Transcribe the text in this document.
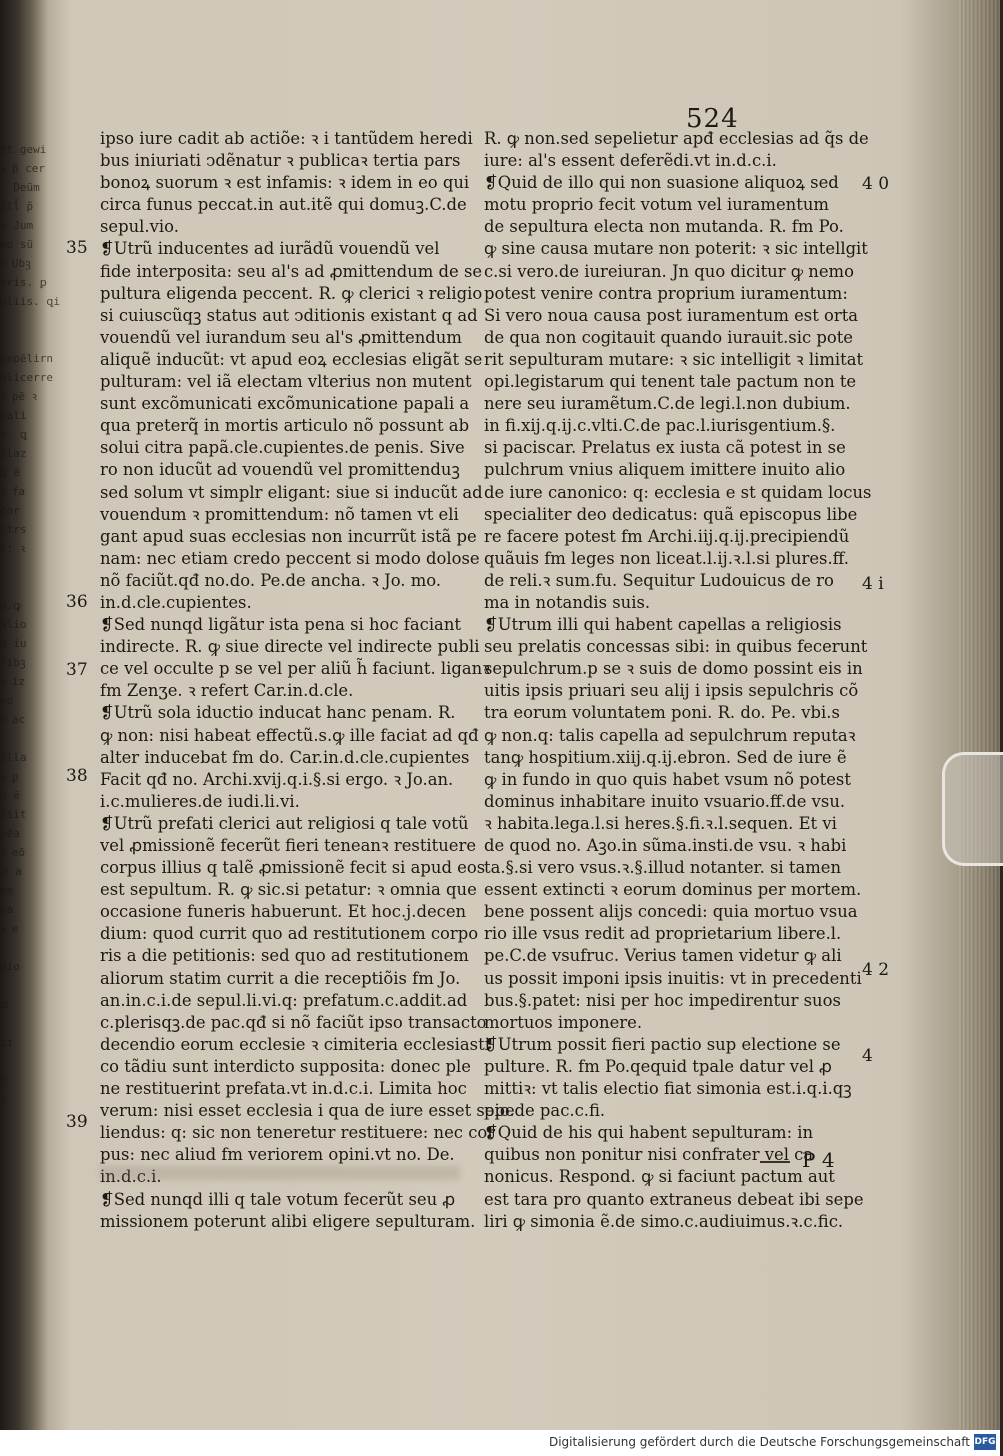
ẽt gewi
ꝛ p̃ cer
· Deũm
ill̃ p̃
s Jum
mo sũ
ꝛ Ubꝫ
eris. ꝑ
uliis. ꝗi

sepẽlirn
olicerre
ꝛ pẽ ꝛ
mali
s. ꝗ
ilaz
ꝗ ẽ
ꝛ fa
cor
ctrs
l: ꝛ

a.ꝙ
alio
d iu
tibꝫ
ꝛ iz
no
ꝛ ac

illa
ꝛ ꝑ
o ẽ
tiit
oẽa
ꝛ eõ
ꝓ a
ne
ca
ꝛ e

pio

ꝓ

ci

t
j

524
ipso iure cadit ab actiõe: ꝛ i tantũdem heredi
bus iniuriati ↄdẽnatur ꝛ publicaꝛ tertia pars
bonoꝝ suorum ꝛ est infamis: ꝛ idem in eo qui
circa funus peccat.in aut.itẽ qui domuꝫ.C.de
sepul.vio.
❡Utrũ inducentes ad iurãdũ vouendũ vel
fide interposita: seu al's ad ꝓmittendum de se
pultura eligenda peccent. R. ꝙ clerici ꝛ religio
si cuiuscũqꝫ status aut ↄditionis existant q ad
vouendũ vel iurandum seu al's ꝓmittendum
aliquẽ inducũt: vt apud eoꝝ ecclesias eligãt se
pulturam: vel iã electam vlterius non mutent
sunt excõmunicati excõmunicatione papali a
qua preterq̃ in mortis articulo nõ possunt ab
solui citra papã.cle.cupientes.de penis. Sive
ro non iducũt ad vouendũ vel promittenduꝫ
sed solum vt simplr eligant: siue si inducũt ad
vouendum ꝛ promittendum: nõ tamen vt eli
gant apud suas ecclesias non incurrũt istã pe
nam: nec etiam credo peccent si modo dolose
nõ faciũt.qđ no.do. Pe.de ancha. ꝛ Jo. mo.
in.d.cle.cupientes.
❡Sed nunqd ligãtur ista pena si hoc faciant
indirecte. R. ꝙ siue directe vel indirecte publi
ce vel occulte p se vel per aliũ h̃ faciunt. liganꝛ
fm Zenʒe. ꝛ refert Car.in.d.cle.
❡Utrũ sola iductio inducat hanc penam. R.
ꝙ non: nisi habeat effectũ.s.ꝙ ille faciat ad qđ
alter inducebat fm do. Car.in.d.cle.cupientes
Facit qđ no. Archi.xvij.q.i.§.si ergo. ꝛ Jo.an.
i.c.mulieres.de iudi.li.vi.
❡Utrũ prefati clerici aut religiosi q tale votũ
vel ꝓmissionẽ fecerũt fieri teneanꝛ restituere
corpus illius q talẽ ꝓmissionẽ fecit si apud eos
est sepultum. R. ꝙ sic.si petatur: ꝛ omnia que
occasione funeris habuerunt. Et hoc.j.decen
dium: quod currit quo ad restitutionem corpo
ris a die petitionis: sed quo ad restitutionem
aliorum statim currit a die receptiõis fm Jo.
an.in.c.i.de sepul.li.vi.q: prefatum.c.addit.ad
c.plerisqꝫ.de pac.qđ si nõ faciũt ipso transacto
decendio eorum ecclesie ꝛ cimiteria ecclesiasti
co tãdiu sunt interdicto supposita: donec ple
ne restituerint prefata.vt in.d.c.i. Limita hoc
verum: nisi esset ecclesia i qua de iure esset sepe
liendus: q: sic non teneretur restituere: nec cor
pus: nec aliud fm veriorem opini.vt no. De.
in.d.c.i.
❡Sed nunqd illi q tale votum fecerũt seu ꝓ
missionem poterunt alibi eligere sepulturam.
R. ꝙ non.sed sepelietur apđ ecclesias ad q̃s de
iure: al's essent deferẽdi.vt in.d.c.i.
❡Quid de illo qui non suasione aliquoꝝ sed
motu proprio fecit votum vel iuramentum
de sepultura electa non mutanda. R. fm Po.
ꝙ sine causa mutare non poterit: ꝛ sic intellgit
c.si vero.de iureiuran. Jn quo dicitur ꝙ nemo
potest venire contra proprium iuramentum:
Si vero noua causa post iuramentum est orta
de qua non cogitauit quando iurauit.sic pote
rit sepulturam mutare: ꝛ sic intelligit ꝛ limitat
opi.legistarum qui tenent tale pactum non te
nere seu iuramẽtum.C.de legi.l.non dubium.
in fi.xij.q.ij.c.vlti.C.de pac.l.iurisgentium.§.
si paciscar. Prelatus ex iusta cã potest in se
pulchrum vnius aliquem imittere inuito alio
de iure canonico: q: ecclesia e st quidam locus
specialiter deo dedicatus: quã episcopus libe
re facere potest fm Archi.iij.q.ij.precipiendũ
quãuis fm leges non liceat.l.ij.ꝛ.l.si plures.ff.
de reli.ꝛ sum.fu. Sequitur Ludouicus de ro
ma in notandis suis.
❡Utrum illi qui habent capellas a religiosis
seu prelatis concessas sibi: in quibus fecerunt
sepulchrum.p se ꝛ suis de domo possint eis in
uitis ipsis priuari seu alij i ipsis sepulchris cõ
tra eorum voluntatem poni. R. do. Pe. vbi.s
ꝙ non.q: talis capella ad sepulchrum reputaꝛ
tanꝙ hospitium.xiij.q.ij.ebron. Sed de iure ẽ
ꝙ in fundo in quo quis habet vsum nõ potest
dominus inhabitare inuito vsuario.ff.de vsu.
ꝛ habita.lega.l.si heres.§.fi.ꝛ.l.sequen. Et vi
de quod no. Aꝫo.in sũma.insti.de vsu. ꝛ habi
ta.§.si vero vsus.ꝛ.§.illud notanter. si tamen
essent extincti ꝛ eorum dominus per mortem.
bene possent alijs concedi: quia mortuo vsua
rio ille vsus redit ad proprietarium libere.l.
pe.C.de vsufruc. Verius tamen videtur ꝙ ali
us possit imponi ipsis inuitis: vt in precedenti
bus.§.patet: nisi per hoc impedirentur suos
mortuos imponere.
❡Utrum possit fieri pactio sup electione se
pulture. R. fm Po.qequid tpale datur vel ꝓ
mittiꝛ: vt talis electio fiat simonia est.i.q.i.qꝫ
pio.de pac.c.fi.
❡Quid de his qui habent sepulturam: in
quibus non ponitur nisi confrater vel ca
nonicus. Respond. ꝙ si faciunt pactum aut
est tara pro quanto extraneus debeat ibi sepe
liri ꝙ simonia ẽ.de simo.c.audiuimus.ꝛ.c.fic.
35
36
37
38
39
4 0
4 i
4 2
4
P 4
Digitalisierung gefördert durch die Deutsche Forschungsgemeinschaft DFG
